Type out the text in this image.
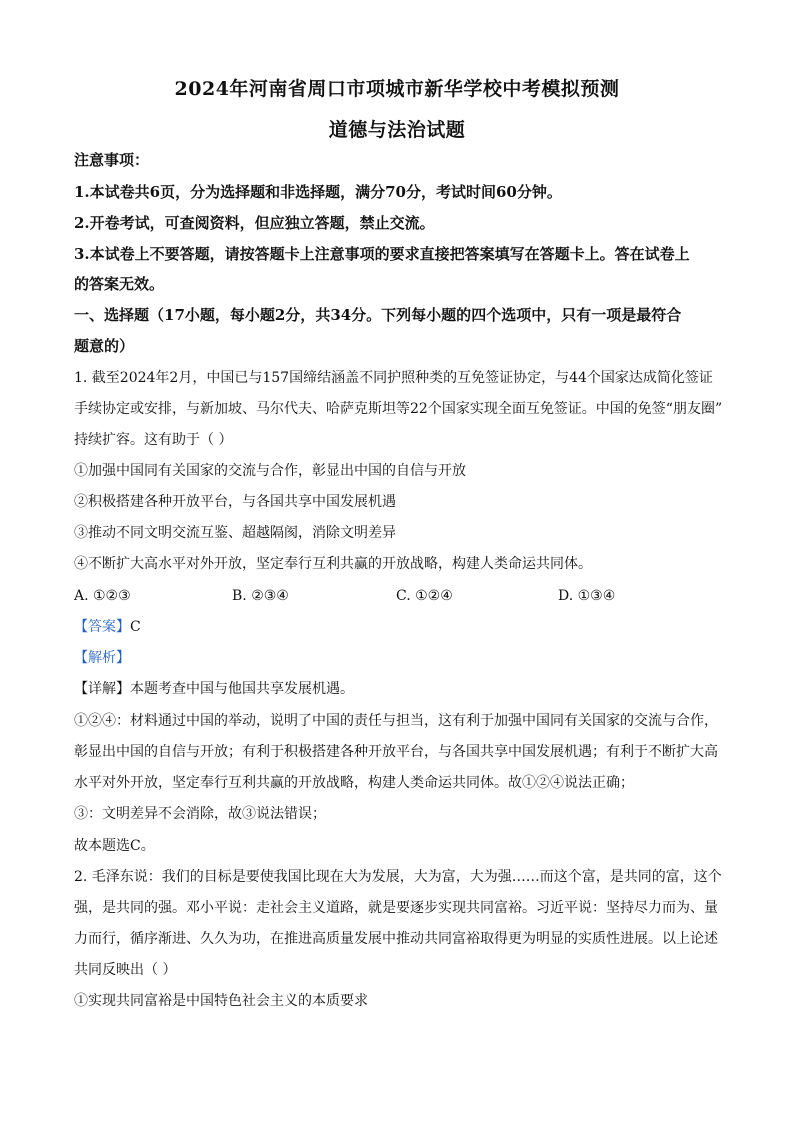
2024年河南省周口市项城市新华学校中考模拟预测
道德与法治试题
注意事项：
1.本试卷共6页，分为选择题和非选择题，满分70分，考试时间60分钟。
2.开卷考试，可查阅资料，但应独立答题，禁止交流。
3.本试卷上不要答题，请按答题卡上注意事项的要求直接把答案填写在答题卡上。答在试卷上
的答案无效。
一、选择题（17小题，每小题2分，共34分。下列每小题的四个选项中，只有一项是最符合
题意的）
1. 截至2024年2月，中国已与157国缔结涵盖不同护照种类的互免签证协定，与44个国家达成简化签证
手续协定或安排，与新加坡、马尔代夫、哈萨克斯坦等22个国家实现全面互免签证。中国的免签“朋友圈”
持续扩容。这有助于（ ）
①加强中国同有关国家的交流与合作，彰显出中国的自信与开放
②积极搭建各种开放平台，与各国共享中国发展机遇
③推动不同文明交流互鉴、超越隔阂，消除文明差异
④不断扩大高水平对外开放，坚定奉行互利共赢的开放战略，构建人类命运共同体。
A. ①②③	B. ②③④	C. ①②④	D. ①③④
【答案】C
【解析】
【详解】本题考查中国与他国共享发展机遇。
①②④：材料通过中国的举动，说明了中国的责任与担当，这有利于加强中国同有关国家的交流与合作，
彰显出中国的自信与开放；有利于积极搭建各种开放平台，与各国共享中国发展机遇；有利于不断扩大高
水平对外开放，坚定奉行互利共赢的开放战略，构建人类命运共同体。故①②④说法正确；
③：文明差异不会消除，故③说法错误；
故本题选C。
2. 毛泽东说：我们的目标是要使我国比现在大为发展，大为富，大为强……而这个富，是共同的富，这个
强，是共同的强。邓小平说：走社会主义道路，就是要逐步实现共同富裕。习近平说：坚持尽力而为、量
力而行，循序渐进、久久为功，在推进高质量发展中推动共同富裕取得更为明显的实质性进展。以上论述
共同反映出（ ）
①实现共同富裕是中国特色社会主义的本质要求
